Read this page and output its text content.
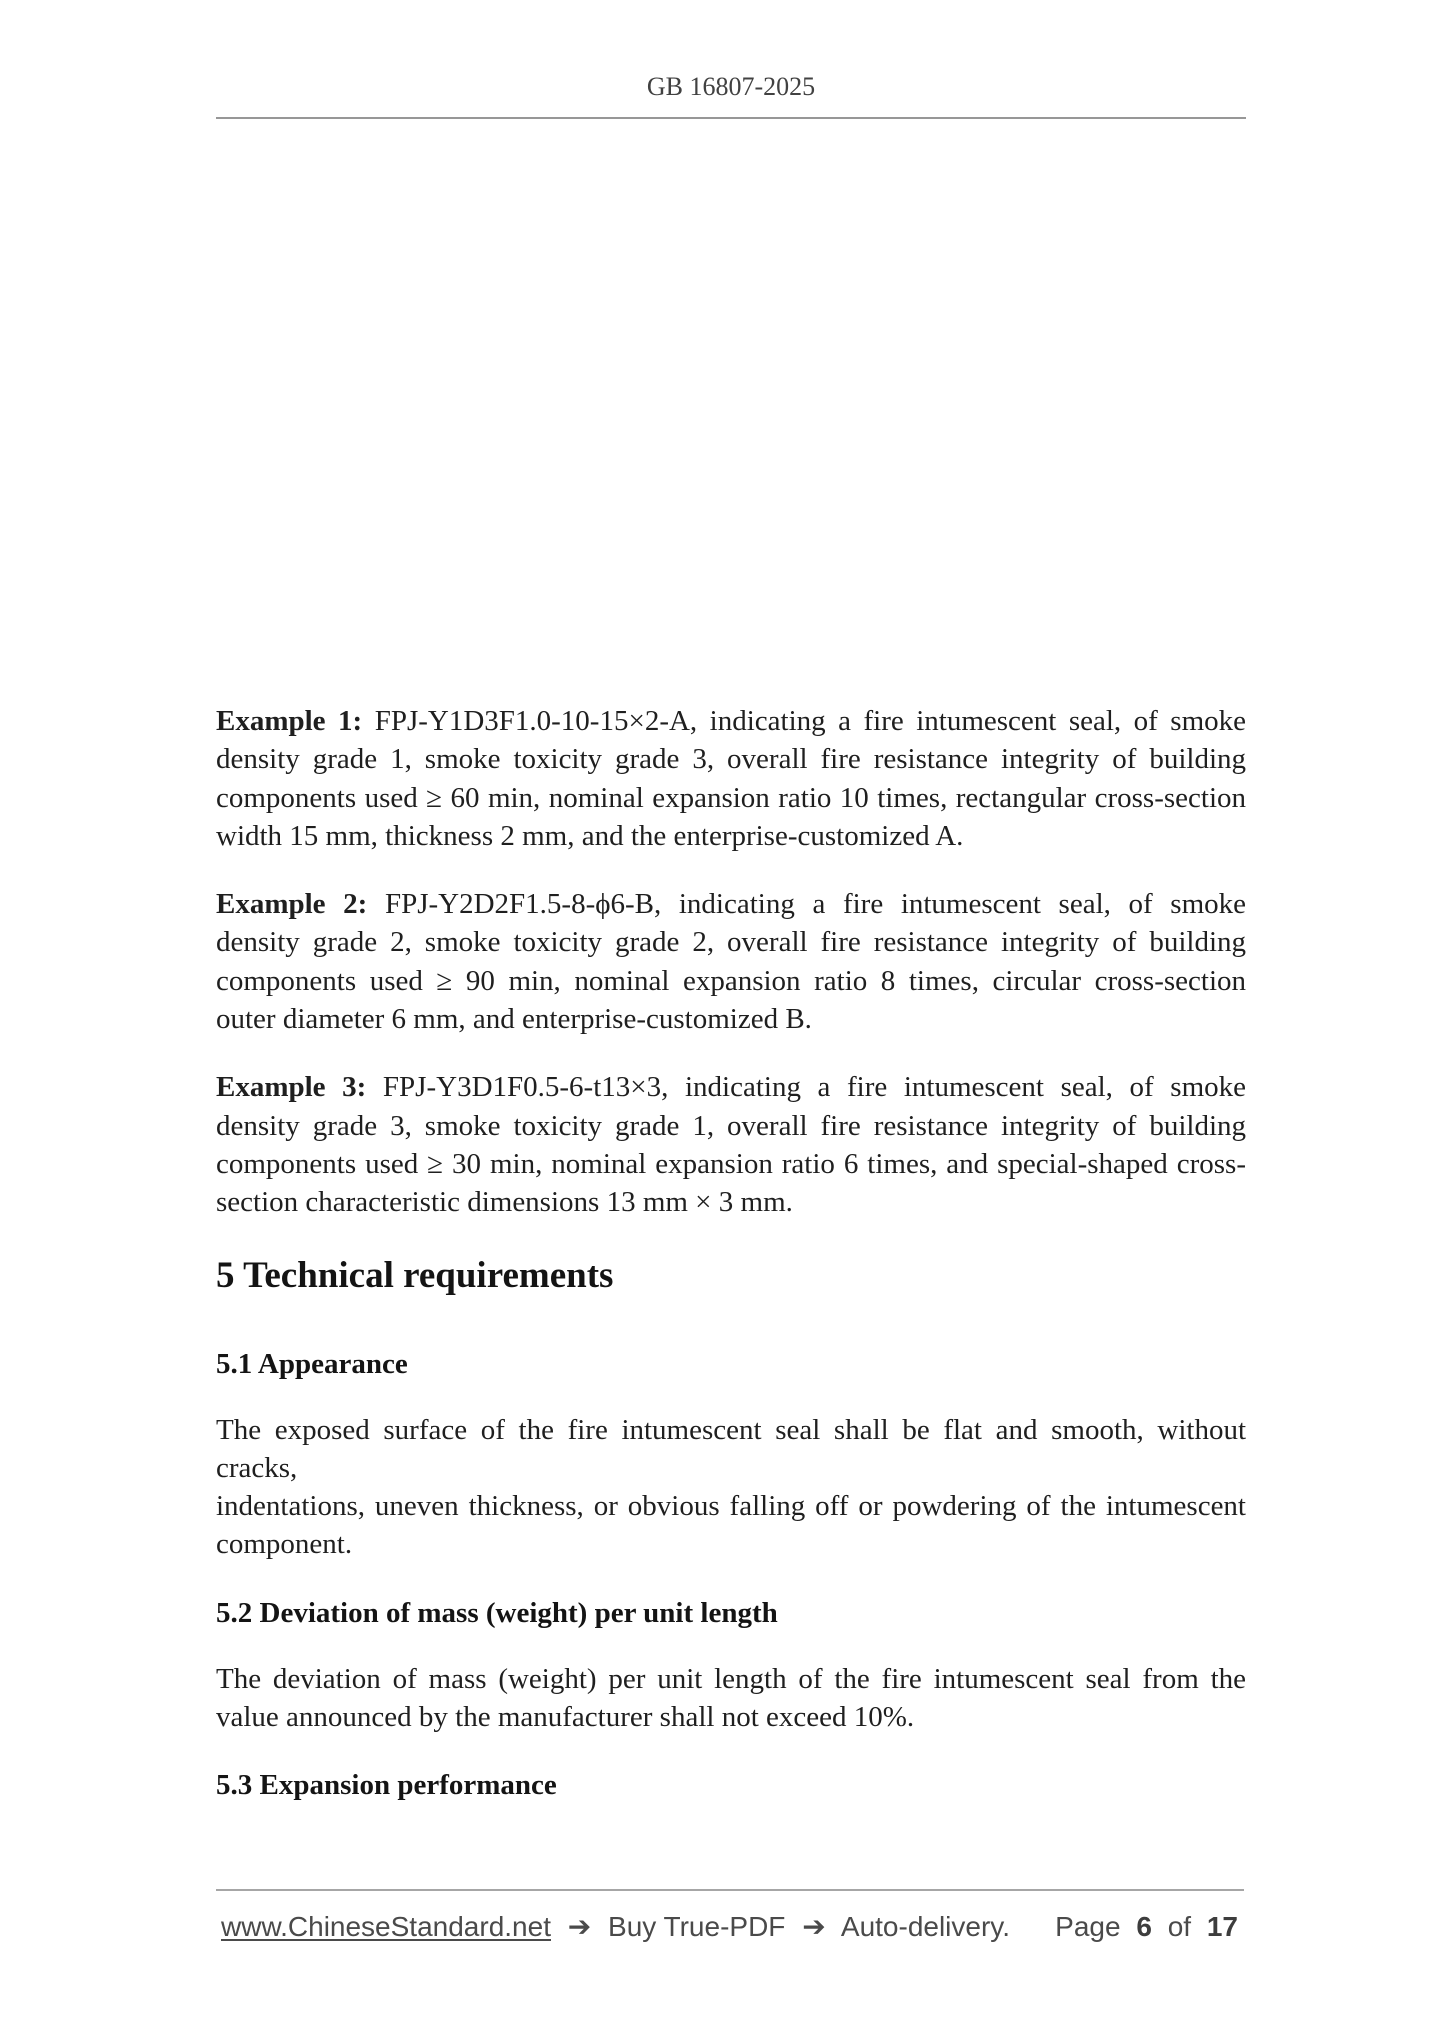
GB 16807-2025
Example 1: FPJ-Y1D3F1.0-10-15×2-A, indicating a fire intumescent seal, of smoke
density grade 1, smoke toxicity grade 3, overall fire resistance integrity of building
components used ≥ 60 min, nominal expansion ratio 10 times, rectangular cross-section
width 15 mm, thickness 2 mm, and the enterprise-customized A.
Example 2: FPJ-Y2D2F1.5-8-ϕ6-B, indicating a fire intumescent seal, of smoke
density grade 2, smoke toxicity grade 2, overall fire resistance integrity of building
components used ≥ 90 min, nominal expansion ratio 8 times, circular cross-section
outer diameter 6 mm, and enterprise-customized B.
Example 3: FPJ-Y3D1F0.5-6-t13×3, indicating a fire intumescent seal, of smoke
density grade 3, smoke toxicity grade 1, overall fire resistance integrity of building
components used ≥ 30 min, nominal expansion ratio 6 times, and special-shaped cross-
section characteristic dimensions 13 mm × 3 mm.
5 Technical requirements
5.1 Appearance
The exposed surface of the fire intumescent seal shall be flat and smooth, without cracks,
indentations, uneven thickness, or obvious falling off or powdering of the intumescent
component.
5.2 Deviation of mass (weight) per unit length
The deviation of mass (weight) per unit length of the fire intumescent seal from the
value announced by the manufacturer shall not exceed 10%.
5.3 Expansion performance
www.ChineseStandard.net ➔ Buy True-PDF ➔ Auto-delivery.	Page 6 of 17
